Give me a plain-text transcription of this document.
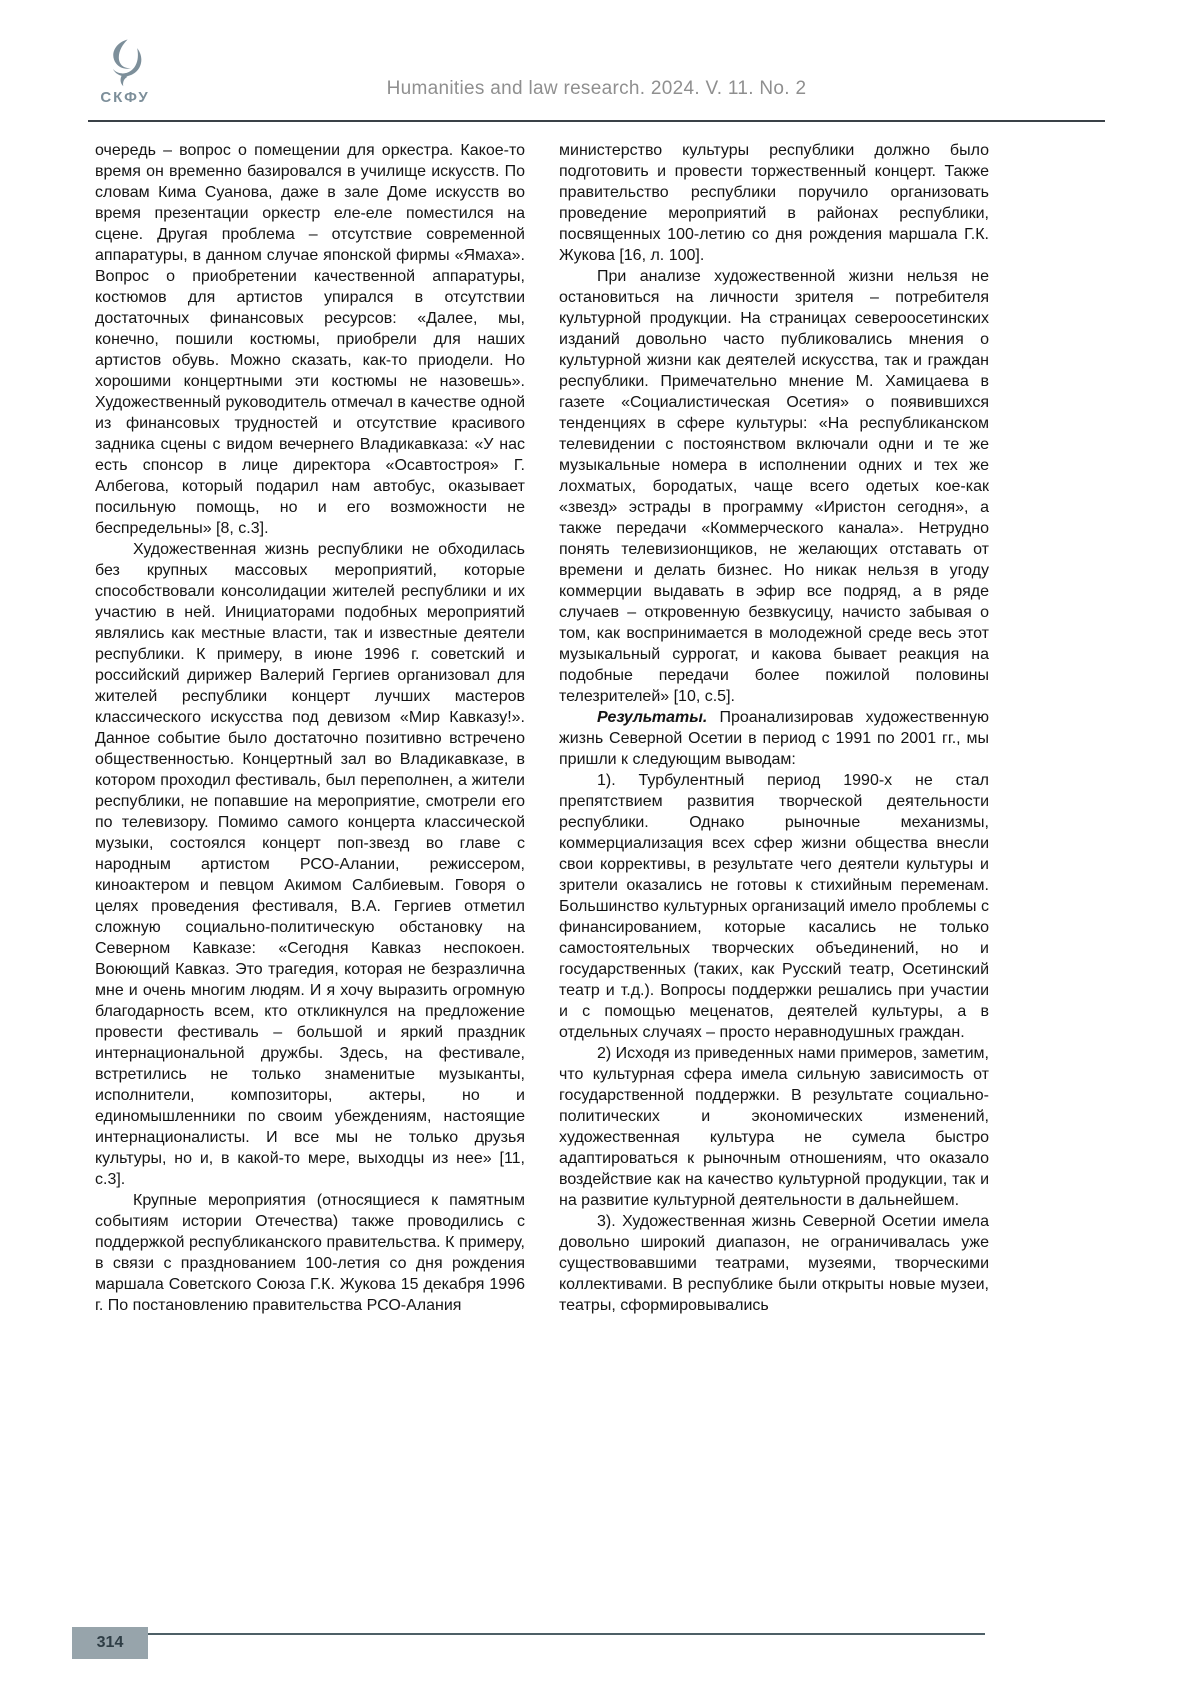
СКФУ	Humanities and law research. 2024. V. 11. No. 2

очередь – вопрос о помещении для оркестра. Какое-то время он временно базировался в училище искусств. По словам Кима Суанова, даже в зале Доме искусств во время презентации оркестр еле-еле поместился на сцене. Другая проблема – отсутствие современной аппаратуры, в данном случае японской фирмы «Ямаха». Вопрос о приобретении качественной аппаратуры, костюмов для артистов упирался в отсутствии достаточных финансовых ресурсов: «Далее, мы, конечно, пошили костюмы, приобрели для наших артистов обувь. Можно сказать, как-то приодели. Но хорошими концертными эти костюмы не назовешь». Художественный руководитель отмечал в качестве одной из финансовых трудностей и отсутствие красивого задника сцены с видом вечернего Владикавказа: «У нас есть спонсор в лице директора «Осавтостроя» Г. Албегова, который подарил нам автобус, оказывает посильную помощь, но и его возможности не беспредельны» [8, с.3].

Художественная жизнь республики не обходилась без крупных массовых мероприятий, которые способствовали консолидации жителей республики и их участию в ней. Инициаторами подобных мероприятий являлись как местные власти, так и известные деятели республики. К примеру, в июне 1996 г. советский и российский дирижер Валерий Гергиев организовал для жителей республики концерт лучших мастеров классического искусства под девизом «Мир Кавказу!». Данное событие было достаточно позитивно встречено общественностью. Концертный зал во Владикавказе, в котором проходил фестиваль, был переполнен, а жители республики, не попавшие на мероприятие, смотрели его по телевизору. Помимо самого концерта классической музыки, состоялся концерт поп-звезд во главе с народным артистом РСО-Алании, режиссером, киноактером и певцом Акимом Салбиевым. Говоря о целях проведения фестиваля, В.А. Гергиев отметил сложную социально-политическую обстановку на Северном Кавказе: «Сегодня Кавказ неспокоен. Воюющий Кавказ. Это трагедия, которая не безразлична мне и очень многим людям. И я хочу выразить огромную благодарность всем, кто откликнулся на предложение провести фестиваль – большой и яркий праздник интернациональной дружбы. Здесь, на фестивале, встретились не только знаменитые музыканты, исполнители, композиторы, актеры, но и единомышленники по своим убеждениям, настоящие интернационалисты. И все мы не только друзья культуры, но и, в какой-то мере, выходцы из нее» [11, с.3].

Крупные мероприятия (относящиеся к памятным событиям истории Отечества) также проводились с поддержкой республиканского правительства. К примеру, в связи с празднованием 100-летия со дня рождения маршала Советского Союза Г.К. Жукова 15 декабря 1996 г. По постановлению правительства РСО-Алания

министерство культуры республики должно было подготовить и провести торжественный концерт. Также правительство республики поручило организовать проведение мероприятий в районах республики, посвященных 100-летию со дня рождения маршала Г.К. Жукова [16, л. 100].

При анализе художественной жизни нельзя не остановиться на личности зрителя – потребителя культурной продукции. На страницах североосетинских изданий довольно часто публиковались мнения о культурной жизни как деятелей искусства, так и граждан республики. Примечательно мнение М. Хамицаева в газете «Социалистическая Осетия» о появившихся тенденциях в сфере культуры: «На республиканском телевидении с постоянством включали одни и те же музыкальные номера в исполнении одних и тех же лохматых, бородатых, чаще всего одетых кое-как «звезд» эстрады в программу «Иристон сегодня», а также передачи «Коммерческого канала». Нетрудно понять телевизионщиков, не желающих отставать от времени и делать бизнес. Но никак нельзя в угоду коммерции выдавать в эфир все подряд, а в ряде случаев – откровенную безвкусицу, начисто забывая о том, как воспринимается в молодежной среде весь этот музыкальный суррогат, и какова бывает реакция на подобные передачи более пожилой половины телезрителей» [10, с.5].

Результаты. Проанализировав художественную жизнь Северной Осетии в период с 1991 по 2001 гг., мы пришли к следующим выводам:

1). Турбулентный период 1990-х не стал препятствием развития творческой деятельности республики. Однако рыночные механизмы, коммерциализация всех сфер жизни общества внесли свои коррективы, в результате чего деятели культуры и зрители оказались не готовы к стихийным переменам. Большинство культурных организаций имело проблемы с финансированием, которые касались не только самостоятельных творческих объединений, но и государственных (таких, как Русский театр, Осетинский театр и т.д.). Вопросы поддержки решались при участии и с помощью меценатов, деятелей культуры, а в отдельных случаях – просто неравнодушных граждан.

2) Исходя из приведенных нами примеров, заметим, что культурная сфера имела сильную зависимость от государственной поддержки. В результате социально-политических и экономических изменений, художественная культура не сумела быстро адаптироваться к рыночным отношениям, что оказало воздействие как на качество культурной продукции, так и на развитие культурной деятельности в дальнейшем.

3). Художественная жизнь Северной Осетии имела довольно широкий диапазон, не ограничивалась уже существовавшими театрами, музеями, творческими коллективами. В республике были открыты новые музеи, театры, сформировывались

314
